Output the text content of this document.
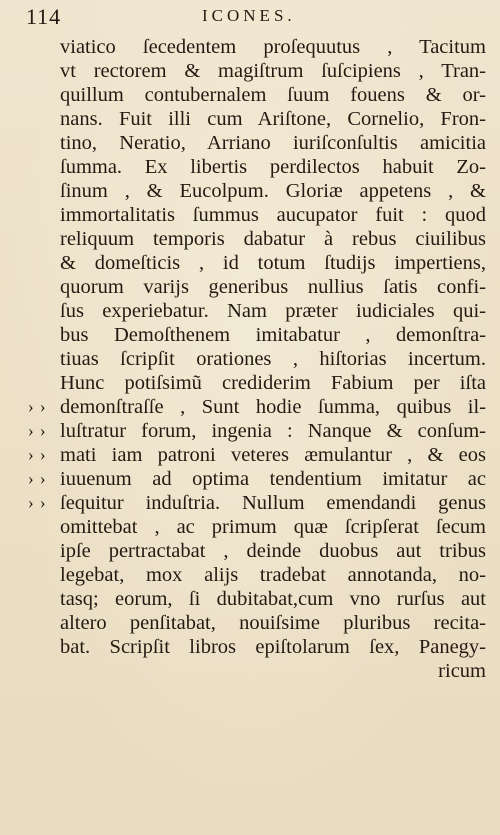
114	ICONES.
viatico ſecedentem proſequutus , Tacitum
vt rectorem & magiſtrum ſuſcipiens , Tran-
quillum contubernalem ſuum fouens & or-
nans. Fuit illi cum Ariſtone, Cornelio, Fron-
tino, Neratio, Arriano iuriſconſultis amicitia
ſumma. Ex libertis perdilectos habuit Zo-
ſinum , & Eucolpum. Gloriæ appetens , &
immortalitatis ſummus aucupator fuit : quod
reliquum temporis dabatur à rebus ciuilibus
& domeſticis , id totum ſtudijs impertiens,
quorum varijs generibus nullius ſatis confi-
ſus experiebatur. Nam præter iudiciales qui-
bus Demoſthenem imitabatur , demonſtra-
tiuas ſcripſit orationes , hiſtorias incertum.
Hunc potiſsimũ crediderim Fabium per iſta
› › demonſtraſſe , Sunt hodie ſumma, quibus il-
› › luſtratur forum, ingenia : Nanque & conſum-
› › mati iam patroni veteres æmulantur , & eos
› › iuuenum ad optima tendentium imitatur ac
› › ſequitur induſtria. Nullum emendandi genus
omittebat , ac primum quæ ſcripſerat ſecum
ipſe pertractabat , deinde duobus aut tribus
legebat, mox alijs tradebat annotanda, no-
tasq; eorum, ſi dubitabat,cum vno rurſus aut
altero penſitabat, nouiſsime pluribus recita-
bat. Scripſit libros epiſtolarum ſex, Panegy-
ricum
